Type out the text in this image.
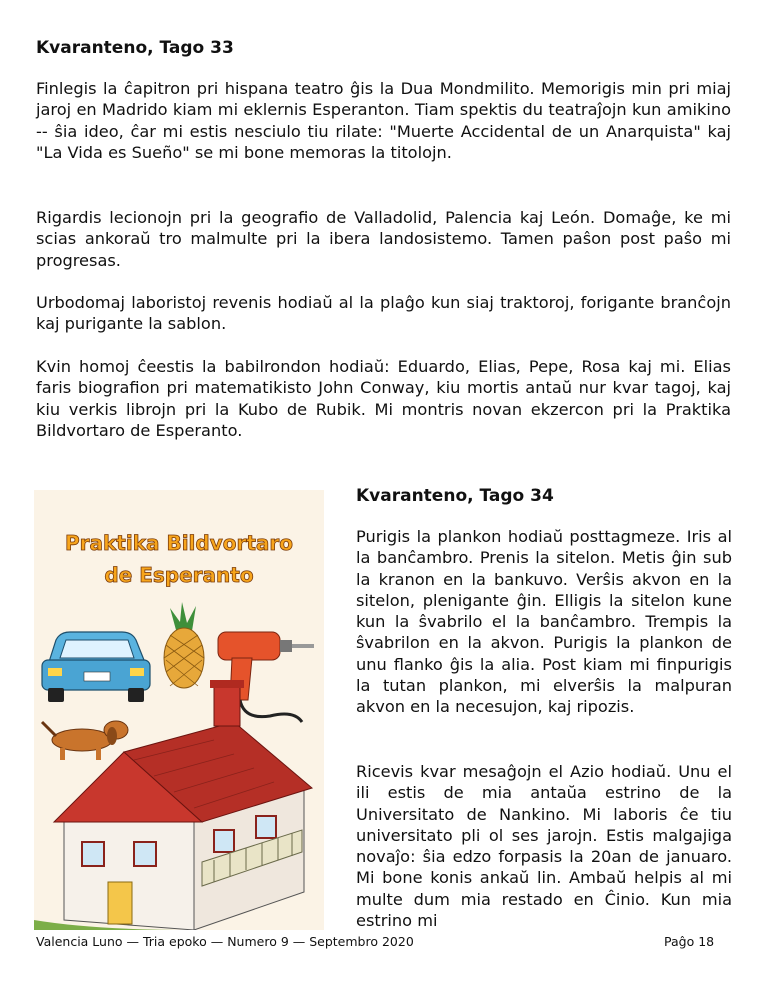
Kvaranteno, Tago 33

Finlegis la ĉapitron pri hispana teatro ĝis la Dua Mondmilito. Memorigis min pri miaj jaroj en Madrido kiam mi eklernis Esperanton. Tiam spektis du teatraĵojn kun amikino -- ŝia ideo, ĉar mi estis nesciulo tiu rilate: "Muerte Accidental de un Anarquista" kaj "La Vida es Sueño" se mi bone memoras la titolojn.

Rigardis lecionojn pri la geografio de Valladolid, Palencia kaj León. Domaĝe, ke mi scias ankoraŭ tro malmulte pri la ibera landosistemo. Tamen paŝon post paŝo mi progresas.

Urbodomaj laboristoj revenis hodiaŭ al la plaĝo kun siaj traktoroj, forigante branĉojn kaj purigante la sablon.

Kvin homoj ĉeestis la babilrondon hodiaŭ: Eduardo, Elias, Pepe, Rosa kaj mi. Elias faris biografion pri matematikisto John Conway, kiu mortis antaŭ nur kvar tagoj, kaj kiu verkis librojn pri la Kubo de Rubik. Mi montris novan ekzercon pri la Praktika Bildvortaro de Esperanto.

Praktika Bildvortaro
de Esperanto
Kvaranteno, Tago 34

Purigis la plankon hodiaŭ posttagmeze. Iris al la banĉambro. Prenis la sitelon. Metis ĝin sub la kranon en la bankuvo. Verŝis akvon en la sitelon, plenigante ĝin. Elligis la sitelon kune kun la ŝvabrilo el la banĉambro. Trempis la ŝvabrilon en la akvon. Purigis la plankon de unu flanko ĝis la alia. Post kiam mi finpurigis la tutan plankon, mi elverŝis la malpuran akvon en la necesujon, kaj ripozis.

Ricevis kvar mesaĝojn el Azio hodiaŭ. Unu el ili estis de mia antaŭa estrino de la Universitato de Nankino. Mi laboris ĉe tiu universitato pli ol ses jarojn. Estis malgajiga novaĵo: ŝia edzo forpasis la 20an de januaro. Mi bone konis ankaŭ lin. Ambaŭ helpis al mi multe dum mia restado en Ĉinio. Kun mia estrino mi

Valencia Luno — Tria epoko — Numero 9 — Septembro 2020	Paĝo 18
